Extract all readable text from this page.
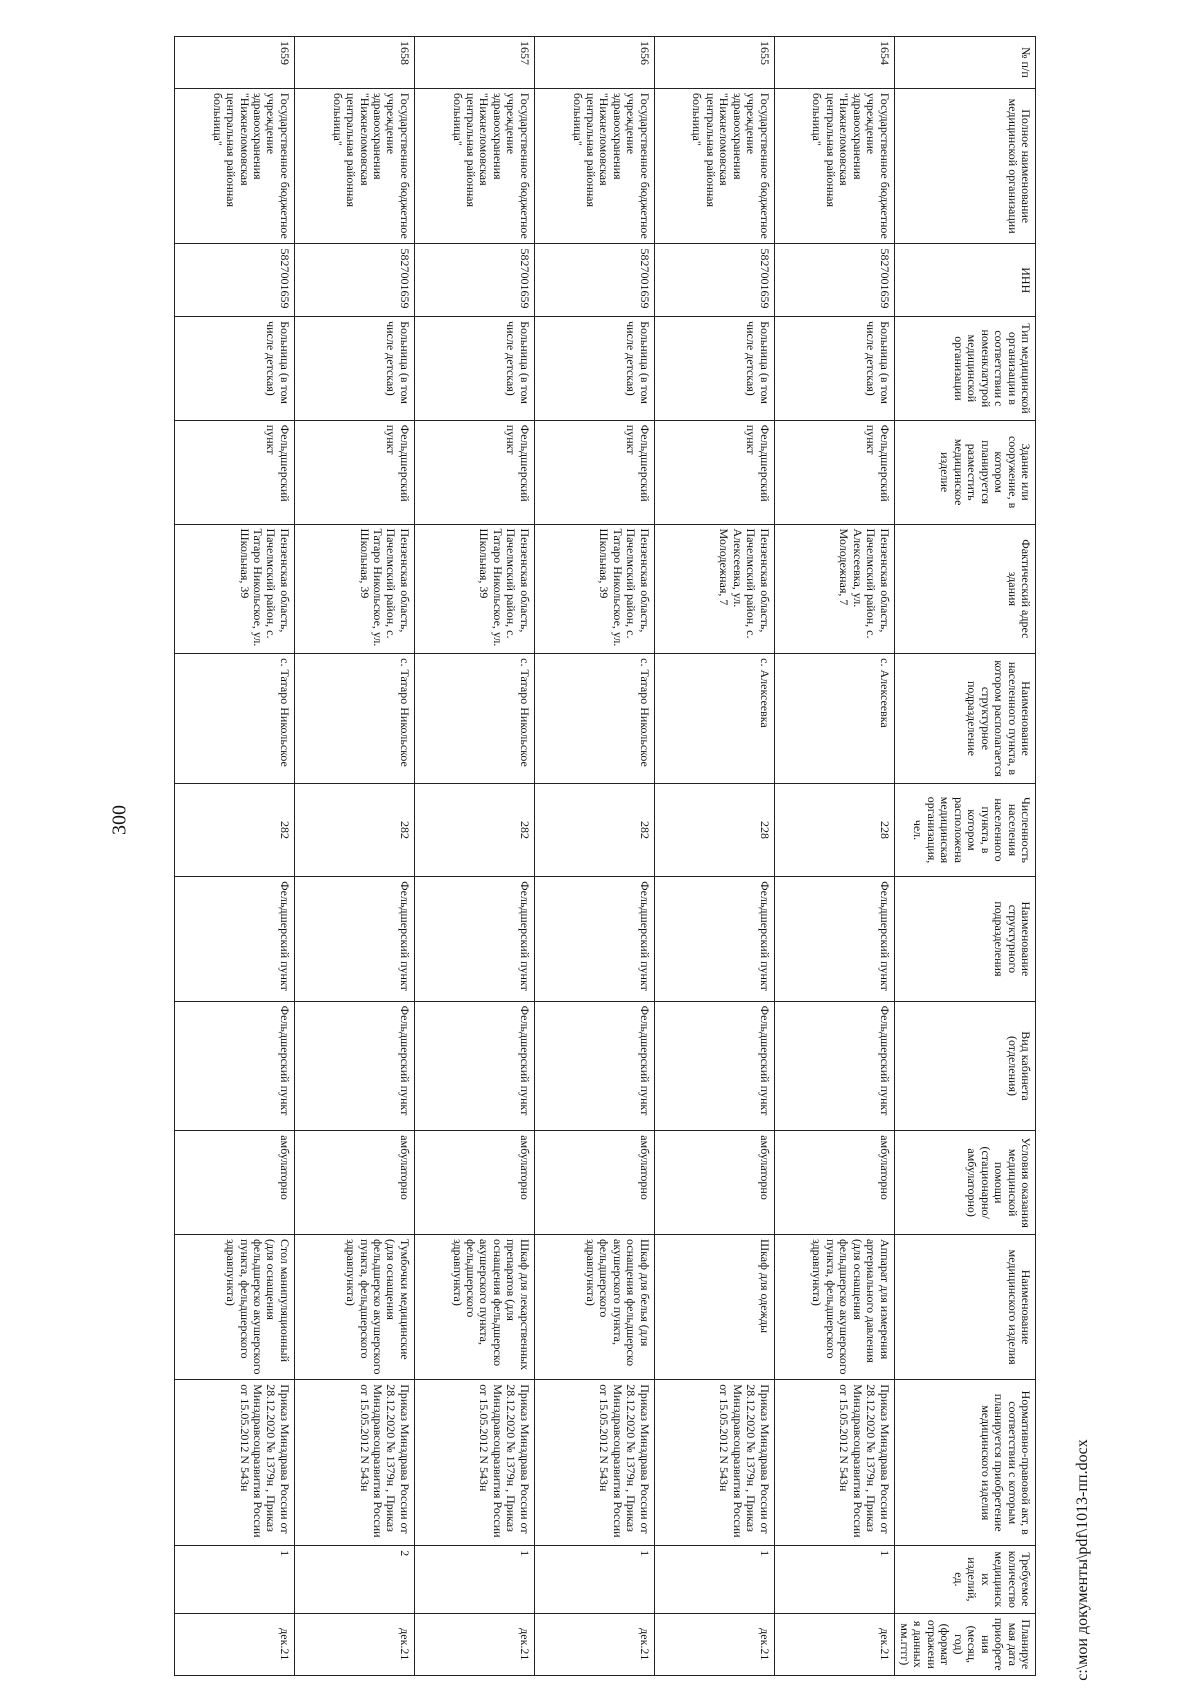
300
№ п/п	Полное наименование медицинской организации	ИНН	Тип медицинской организации в соответствии с номенклатурой медицинской организации	Здание или сооружение, в котором планируется разместить медицинское изделие	Фактический адрес здания	Наименование населенного пункта, в котором располагается структурное подразделение	Численность населения населенного пункта, в котором расположена медицинская организация, чел.	Наименование структурного подразделения	Вид кабинета (отделения)	Условия оказания медицинской помощи (стационарно/амбулаторно)	Наименование медицинского изделия	Нормативно-правовой акт, в соответствии с которым планируется приобретение медицинского изделия	Требуемое количество медицинских изделий, ед.	Планируемая дата приобретения (месяц, год) (формат отражения данных мм.гггг)
1654	Государственное бюджетное учреждение здравоохранения "Нижнеломовская центральная районная больница"	5827001659	Больница (в том числе детская)	Фельдшерский пункт	Пензенская область, Пачелмский район, с. Алексеевка, ул. Молодежная, 7	с. Алексеевка	228	Фельдшерский пункт	Фельдшерский пункт	амбулаторно	Аппарат для измерения артериального давления (для оснащения фельдшерско акушерского пункта, фельдшерского здравпункта)	Приказ Минздрава России от 28.12.2020 № 1379н , Приказ Минздравсоцразвития России от 15.05.2012 N 543н	1	дек.21
1655	Государственное бюджетное учреждение здравоохранения "Нижнеломовская центральная районная больница"	5827001659	Больница (в том числе детская)	Фельдшерский пункт	Пензенская область, Пачелмский район, с. Алексеевка, ул. Молодежная, 7	с. Алексеевка	228	Фельдшерский пункт	Фельдшерский пункт	амбулаторно	Шкаф для одежды	Приказ Минздрава России от 28.12.2020 № 1379н , Приказ Минздравсоцразвития России от 15.05.2012 N 543н	1	дек.21
1656	Государственное бюджетное учреждение здравоохранения "Нижнеломовская центральная районная больница"	5827001659	Больница (в том числе детская)	Фельдшерский пункт	Пензенская область, Пачелмский район, с. Татаро Никольское, ул. Школьная, 39	с. Татаро Никольское	282	Фельдшерский пункт	Фельдшерский пункт	амбулаторно	Шкаф для белья (для оснащения фельдшерско акушерского пункта, фельдшерского здравпункта)	Приказ Минздрава России от 28.12.2020 № 1379н , Приказ Минздравсоцразвития России от 15.05.2012 N 543н	1	дек.21
1657	Государственное бюджетное учреждение здравоохранения "Нижнеломовская центральная районная больница"	5827001659	Больница (в том числе детская)	Фельдшерский пункт	Пензенская область, Пачелмский район, с. Татаро Никольское, ул. Школьная, 39	с. Татаро Никольское	282	Фельдшерский пункт	Фельдшерский пункт	амбулаторно	Шкаф для лекарственных препаратов (для оснащения фельдшерско акушерского пункта, фельдшерского здравпункта)	Приказ Минздрава России от 28.12.2020 № 1379н , Приказ Минздравсоцразвития России от 15.05.2012 N 543н	1	дек.21
1658	Государственное бюджетное учреждение здравоохранения "Нижнеломовская центральная районная больница"	5827001659	Больница (в том числе детская)	Фельдшерский пункт	Пензенская область, Пачелмский район, с. Татаро Никольское, ул. Школьная, 39	с. Татаро Никольское	282	Фельдшерский пункт	Фельдшерский пункт	амбулаторно	Тумбочки медицинские (для оснащения фельдшерско акушерского пункта, фельдшерского здравпункта)	Приказ Минздрава России от 28.12.2020 № 1379н , Приказ Минздравсоцразвития России от 15.05.2012 N 543н	2	дек.21
1659	Государственное бюджетное учреждение здравоохранения "Нижнеломовская центральная районная больница"	5827001659	Больница (в том числе детская)	Фельдшерский пункт	Пензенская область, Пачелмский район, с. Татаро Никольское, ул. Школьная, 39	с. Татаро Никольское	282	Фельдшерский пункт	Фельдшерский пункт	амбулаторно	Стол манипуляционный (для оснащения фельдшерско акушерского пункта, фельдшерского здравпункта)	Приказ Минздрава России от 28.12.2020 № 1379н , Приказ Минздравсоцразвития России от 15.05.2012 N 543н	1	дек.21	c:\мои документы\pdf\1013-пп.docx
